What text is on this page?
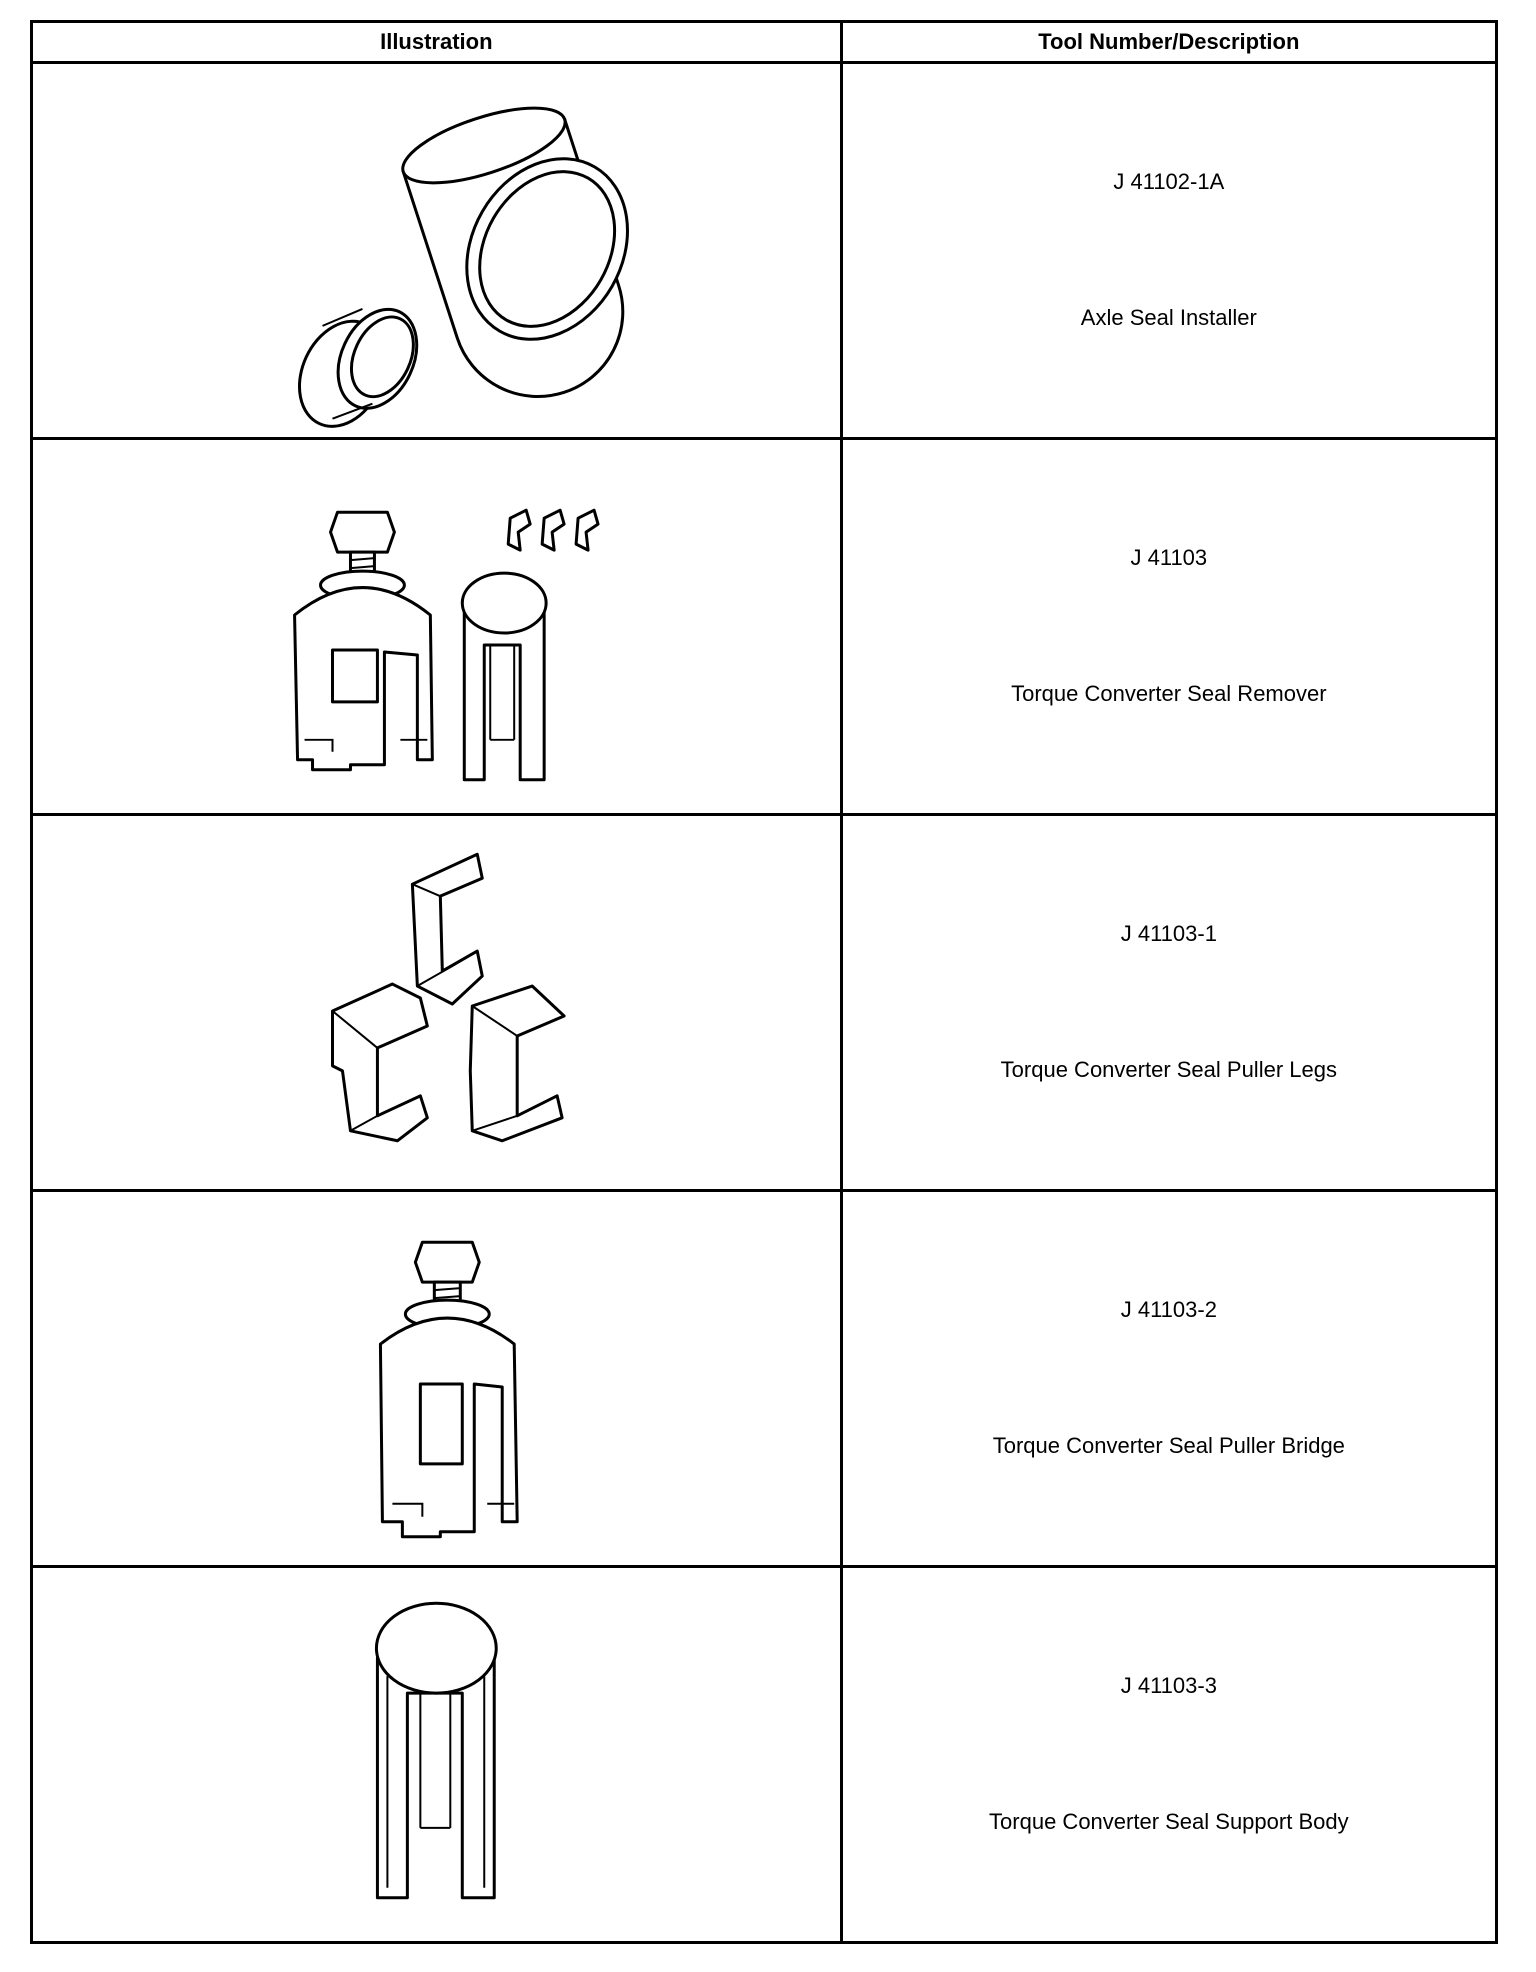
Illustration	Tool Number/Description

J 41102-1A
Axle Seal Installer

J 41103
Torque Converter Seal Remover

J 41103-1
Torque Converter Seal Puller Legs

J 41103-2
Torque Converter Seal Puller Bridge

J 41103-3
Torque Converter Seal Support Body
